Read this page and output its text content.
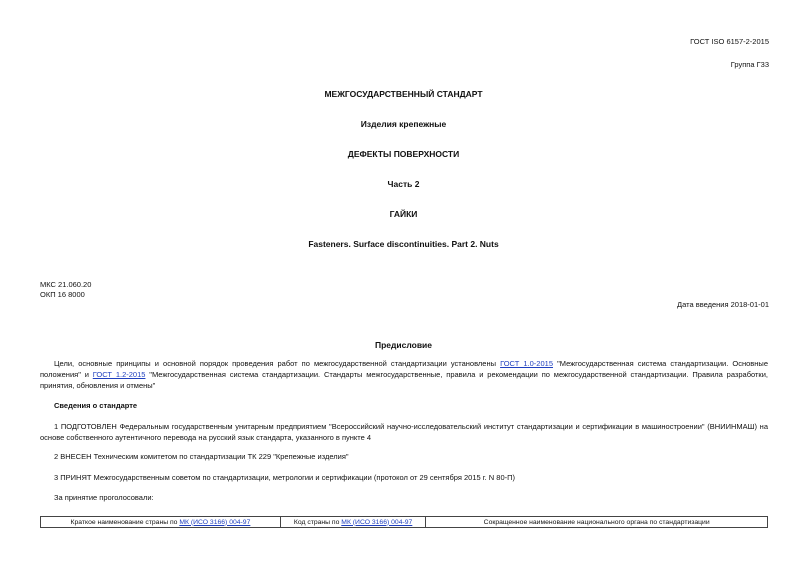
ГОСТ ISO 6157-2-2015
Группа Г33
МЕЖГОСУДАРСТВЕННЫЙ СТАНДАРТ
Изделия крепежные
ДЕФЕКТЫ ПОВЕРХНОСТИ
Часть 2
ГАЙКИ
Fasteners. Surface discontinuities. Part 2. Nuts
МКС 21.060.20
ОКП 16 8000
Дата введения 2018-01-01
Предисловие
Цели, основные принципы и основной порядок проведения работ по межгосударственной стандартизации установлены ГОСТ 1.0-2015 "Межгосударственная система стандартизации. Основные положения" и ГОСТ 1.2-2015 "Межгосударственная система стандартизации. Стандарты межгосударственные, правила и рекомендации по межгосударственной стандартизации. Правила разработки, принятия, обновления и отмены"
Сведения о стандарте
1 ПОДГОТОВЛЕН Федеральным государственным унитарным предприятием "Всероссийский научно-исследовательский институт стандартизации и сертификации в машиностроении" (ВНИИНМАШ) на основе собственного аутентичного перевода на русский язык стандарта, указанного в пункте 4
2 ВНЕСЕН Техническим комитетом по стандартизации ТК 229 "Крепежные изделия"
3 ПРИНЯТ Межгосударственным советом по стандартизации, метрологии и сертификации (протокол от 29 сентября 2015 г. N 80-П)
За принятие проголосовали:
Краткое наименование страны по МК (ИСО 3166) 004-97	Код страны по МК (ИСО 3166) 004-97	Сокращенное наименование национального органа по стандартизации
